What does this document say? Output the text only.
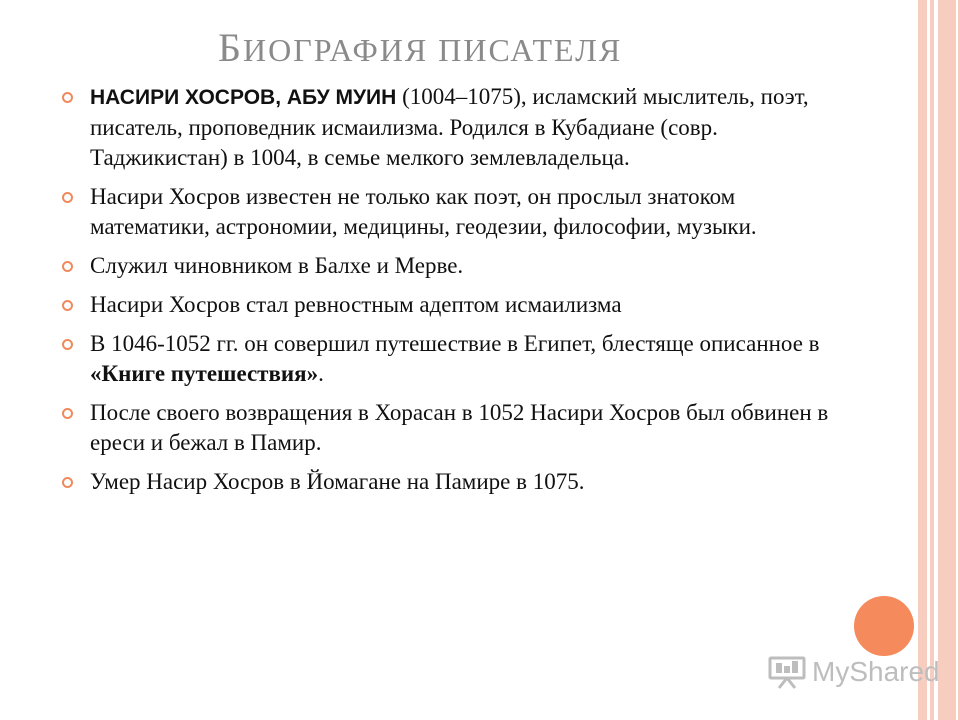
БИОГРАФИЯ ПИСАТЕЛЯ
НАСИРИ ХОСРОВ, АБУ МУИН (1004–1075), исламский мыслитель, поэт, писатель, проповедник исмаилизма. Родился в Кубадиане (совр. Таджикистан) в 1004, в семье мелкого землевладельца.
Насири Хосров известен не только как поэт, он прослыл знатоком математики, астрономии, медицины, геодезии, философии, музыки.
Служил чиновником в Балхе и Мерве.
Насири Хосров стал ревностным адептом исмаилизма
В 1046-1052 гг. он совершил путешествие в Египет, блестяще описанное в «Книге путешествия».
После своего возвращения в Хорасан в 1052 Насири Хосров был обвинен в ереси и бежал в Памир.
Умер Насир Хосров в Йомагане на Памире в 1075.
MyShared
